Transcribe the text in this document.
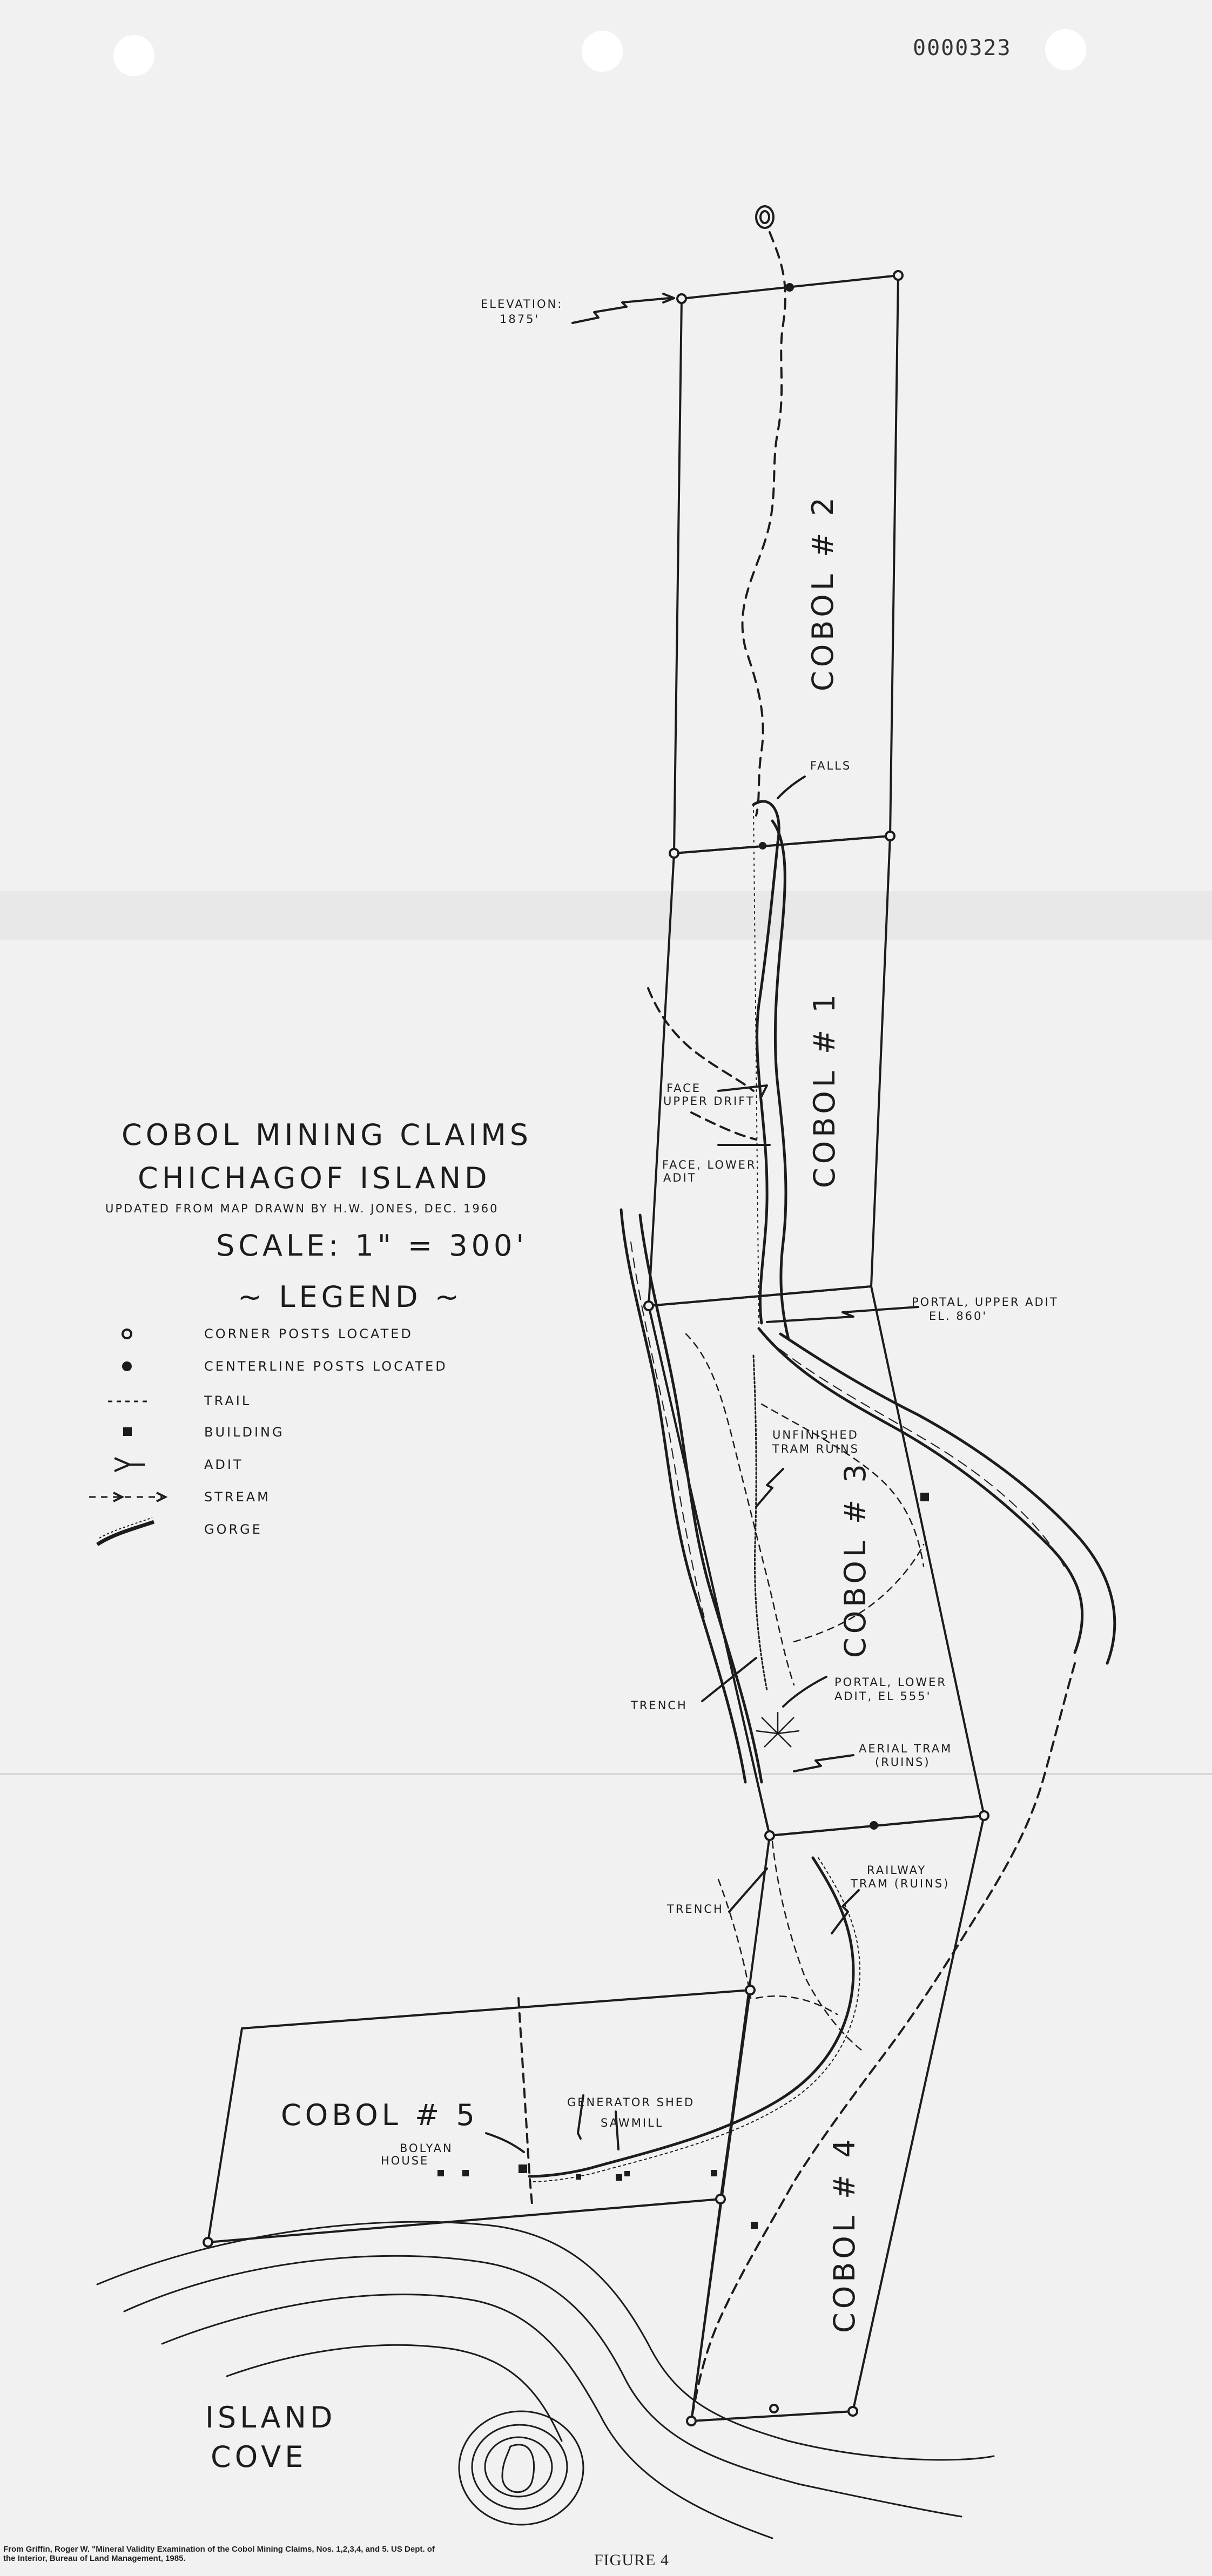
0000323
COBOL MINING CLAIMS
CHICHAGOF ISLAND
UPDATED FROM MAP DRAWN BY H.W. JONES, DEC. 1960
SCALE: 1" = 300'
~ LEGEND ~
CORNER POSTS LOCATED
CENTERLINE POSTS LOCATED
TRAIL
BUILDING
ADIT
STREAM
GORGE
COBOL # 2
COBOL # 1
COBOL # 3
COBOL # 4
COBOL # 5
ELEVATION:
1875'
FALLS
FACE
UPPER DRIFT
FACE, LOWER
ADIT
PORTAL, UPPER ADIT
EL. 860'
UNFINISHED
TRAM RUINS
TRENCH
PORTAL, LOWER
ADIT, EL 555'
AERIAL TRAM
(RUINS)
RAILWAY
TRAM (RUINS)
TRENCH
GENERATOR SHED
SAWMILL
BOLYAN
HOUSE
ISLAND
COVE
From Griffin, Roger W. "Mineral Validity Examination of the Cobol Mining Claims, Nos. 1,2,3,4, and 5. US Dept. of the Interior, Bureau of Land Management, 1985.	FIGURE 4
